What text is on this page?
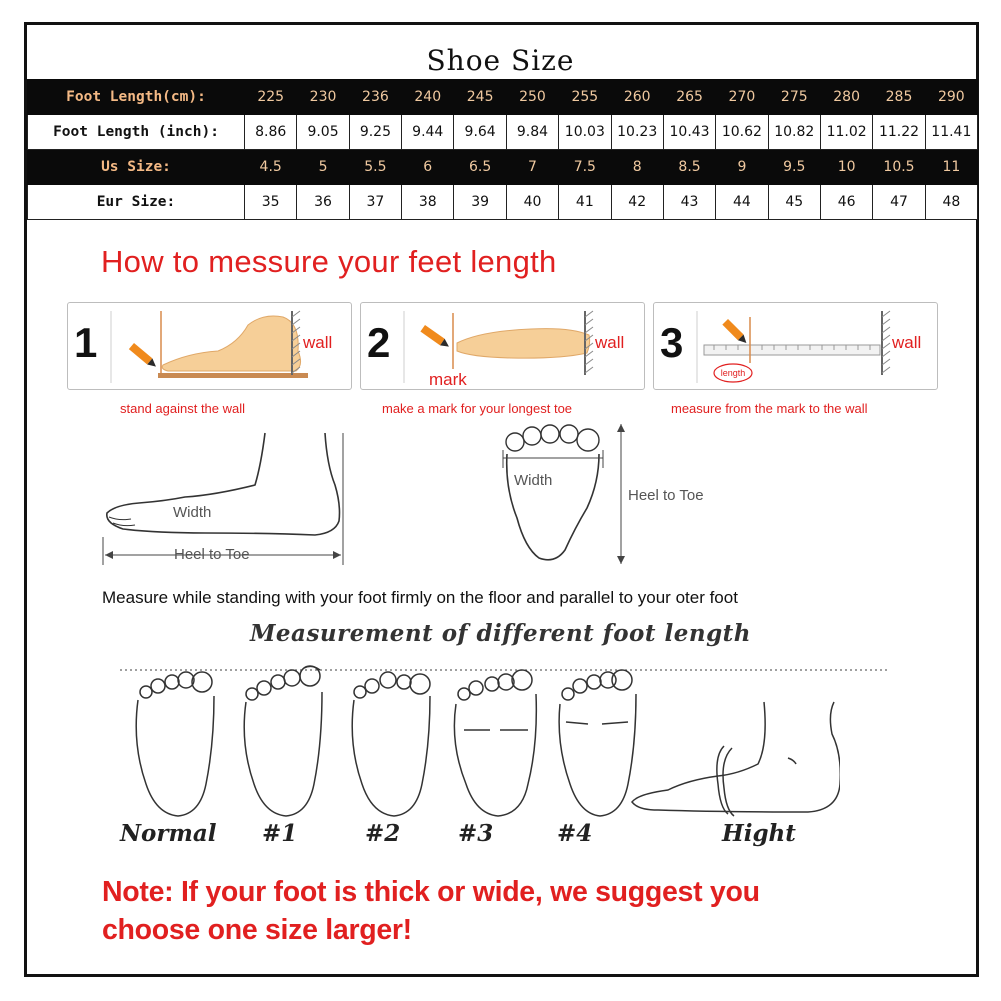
Shoe Size
Foot Length(cm):	225	230	236	240	245	250	255	260	265	270	275	280	285	290
Foot Length (inch):	8.86	9.05	9.25	9.44	9.64	9.84	10.03	10.23	10.43	10.62	10.82	11.02	11.22	11.41
Us Size:	4.5	5	5.5	6	6.5	7	7.5	8	8.5	9	9.5	10	10.5	11
Eur Size:	35	36	37	38	39	40	41	42	43	44	45	46	47	48
How to messure your feet length
1	wall
stand against the wall
2	wall
mark
make a mark for your longest toe
length
3	wall
measure from the mark to the wall
Width
Heel to Toe
Width
Heel to Toe
Measure while standing with your foot firmly on the floor and parallel to your oter foot
Measurement of different foot length
Normal #1	#2	#3	#4	Hight
Note: If your foot is thick or wide, we suggest you
choose one size larger!
